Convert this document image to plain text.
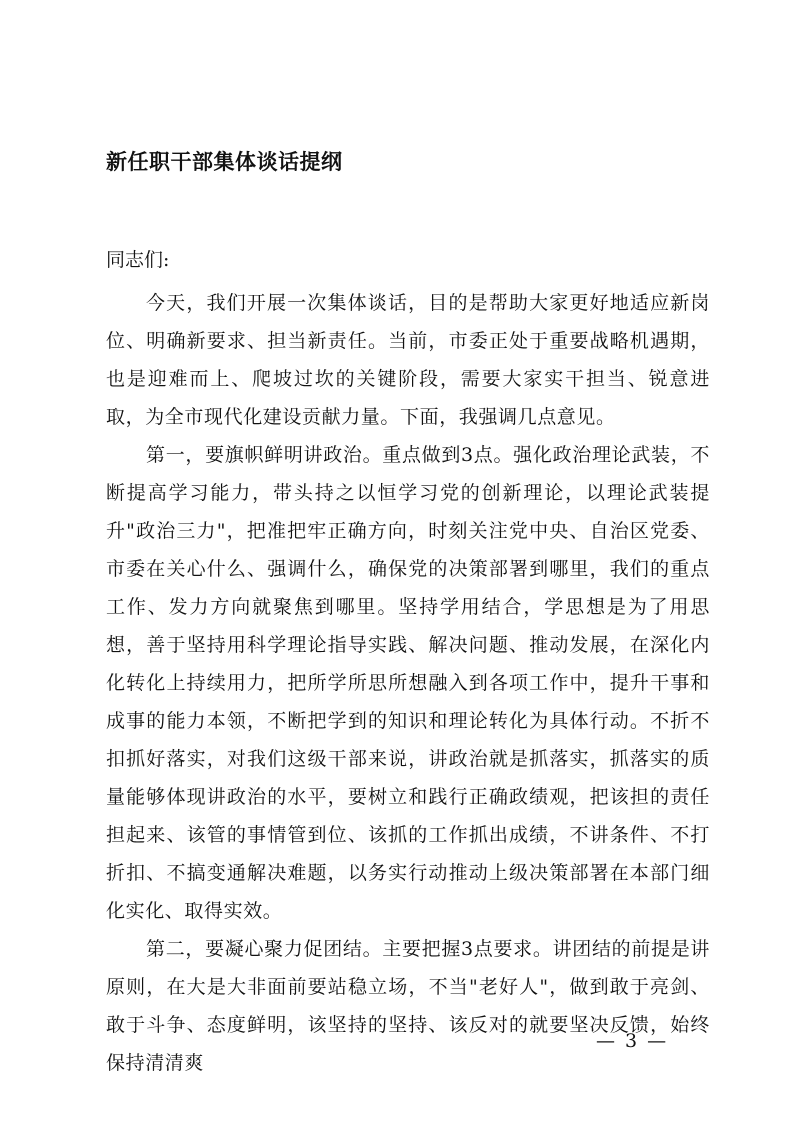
新任职干部集体谈话提纲
同志们:

今天，我们开展一次集体谈话，目的是帮助大家更好地适应新岗位、明确新要求、担当新责任。当前，市委正处于重要战略机遇期，也是迎难而上、爬坡过坎的关键阶段，需要大家实干担当、锐意进取，为全市现代化建设贡献力量。下面，我强调几点意见。

第一，要旗帜鲜明讲政治。重点做到3点。强化政治理论武装，不断提高学习能力，带头持之以恒学习党的创新理论，以理论武装提升"政治三力"，把准把牢正确方向，时刻关注党中央、自治区党委、市委在关心什么、强调什么，确保党的决策部署到哪里，我们的重点工作、发力方向就聚焦到哪里。坚持学用结合，学思想是为了用思想，善于坚持用科学理论指导实践、解决问题、推动发展，在深化内化转化上持续用力，把所学所思所想融入到各项工作中，提升干事和成事的能力本领，不断把学到的知识和理论转化为具体行动。不折不扣抓好落实，对我们这级干部来说，讲政治就是抓落实，抓落实的质量能够体现讲政治的水平，要树立和践行正确政绩观，把该担的责任担起来、该管的事情管到位、该抓的工作抓出成绩，不讲条件、不打折扣、不搞变通解决难题，以务实行动推动上级决策部署在本部门细化实化、取得实效。

第二，要凝心聚力促团结。主要把握3点要求。讲团结的前提是讲原则，在大是大非面前要站稳立场，不当"老好人"，做到敢于亮剑、敢于斗争、态度鲜明，该坚持的坚持、该反对的就要坚决反馈，始终保持清清爽

— 3 —
